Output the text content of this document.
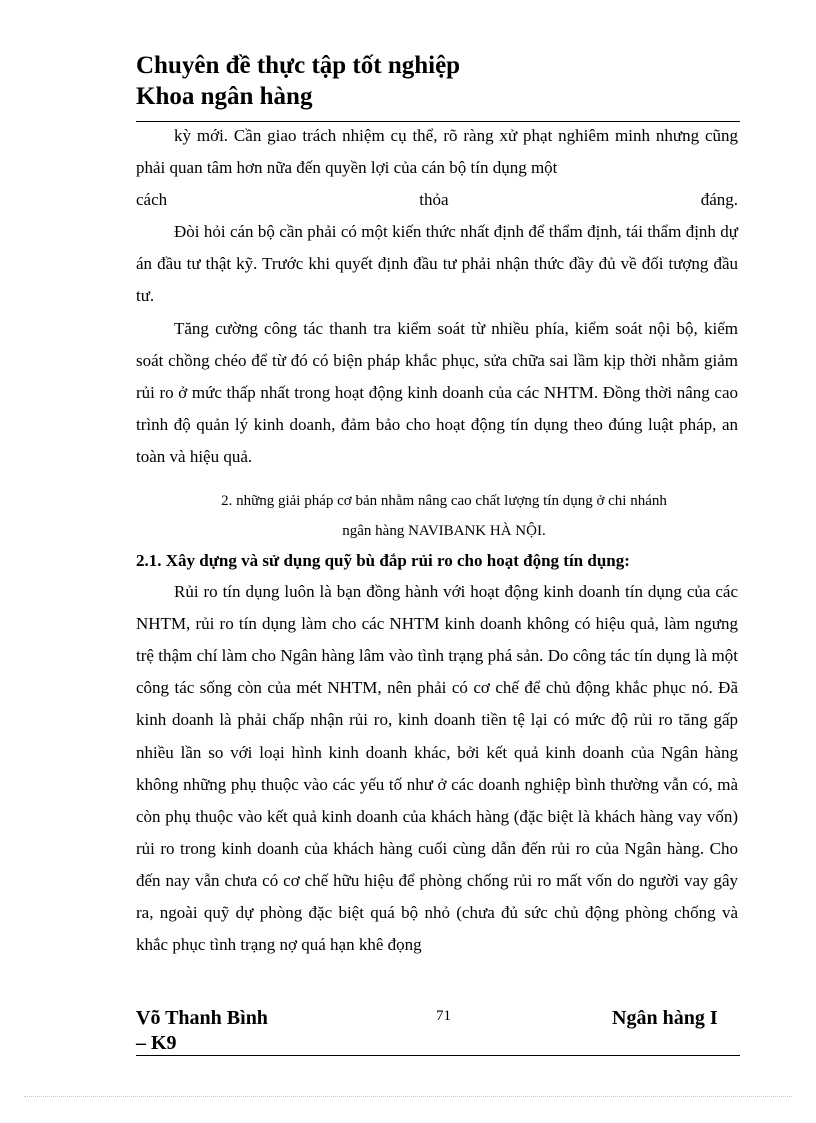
Chuyên đề thực tập tốt nghiệp
Khoa ngân hàng

kỳ mới. Cần giao trách nhiệm cụ thể, rõ ràng xử phạt nghiêm minh nhưng cũng phải quan tâm hơn nữa đến quyền lợi của cán bộ tín dụng một

cách thỏa đáng.

Đòi hỏi cán bộ cần phải có một kiến thức nhất định để thẩm định, tái thẩm định dự án đầu tư thật kỹ. Trước khi quyết định đầu tư phải nhận thức đầy đủ về đối tượng đầu tư.

Tăng cường công tác thanh tra kiểm soát từ nhiều phía, kiểm soát nội bộ, kiểm soát chồng chéo để từ đó có biện pháp khắc phục, sửa chữa sai lầm kịp thời nhằm giảm rủi ro ở mức thấp nhất trong hoạt động kinh doanh của các NHTM. Đồng thời nâng cao trình độ quản lý kinh doanh, đảm bảo cho hoạt động tín dụng theo đúng luật pháp, an toàn và hiệu quả.

2. những giải pháp cơ bản nhằm nâng cao chất lượng tín dụng ở chi nhánh

ngân hàng NAVIBANK HÀ NỘI.

2.1. Xây dựng và sử dụng quỹ bù đắp rủi ro cho hoạt động tín dụng:

Rủi ro tín dụng luôn là bạn đồng hành với hoạt động kinh doanh tín dụng của các NHTM, rủi ro tín dụng làm cho các NHTM kinh doanh không có hiệu quả, làm ngưng trệ thậm chí làm cho Ngân hàng lâm vào tình trạng phá sản. Do công tác tín dụng là một công tác sống còn của mét NHTM, nên phải có cơ chế để chủ động khắc phục nó. Đã kinh doanh là phải chấp nhận rủi ro, kinh doanh tiền tệ lại có mức độ rủi ro tăng gấp nhiều lần so với loại hình kinh doanh khác, bởi kết quả kinh doanh của Ngân hàng không những phụ thuộc vào các yếu tố như ở các doanh nghiệp bình thường vẫn có, mà còn phụ thuộc vào kết quả kinh doanh của khách hàng (đặc biệt là khách hàng vay vốn) rủi ro trong kinh doanh của khách hàng cuối cùng dẫn đến rủi ro của Ngân hàng. Cho đến nay vẫn chưa có cơ chế hữu hiệu để phòng chống rủi ro mất vốn do người vay gây ra, ngoài quỹ dự phòng đặc biệt quá bộ nhỏ (chưa đủ sức chủ động phòng chống và khắc phục tình trạng nợ quá hạn khê đọng

Võ Thanh Bình
– K9
71	Ngân hàng I
